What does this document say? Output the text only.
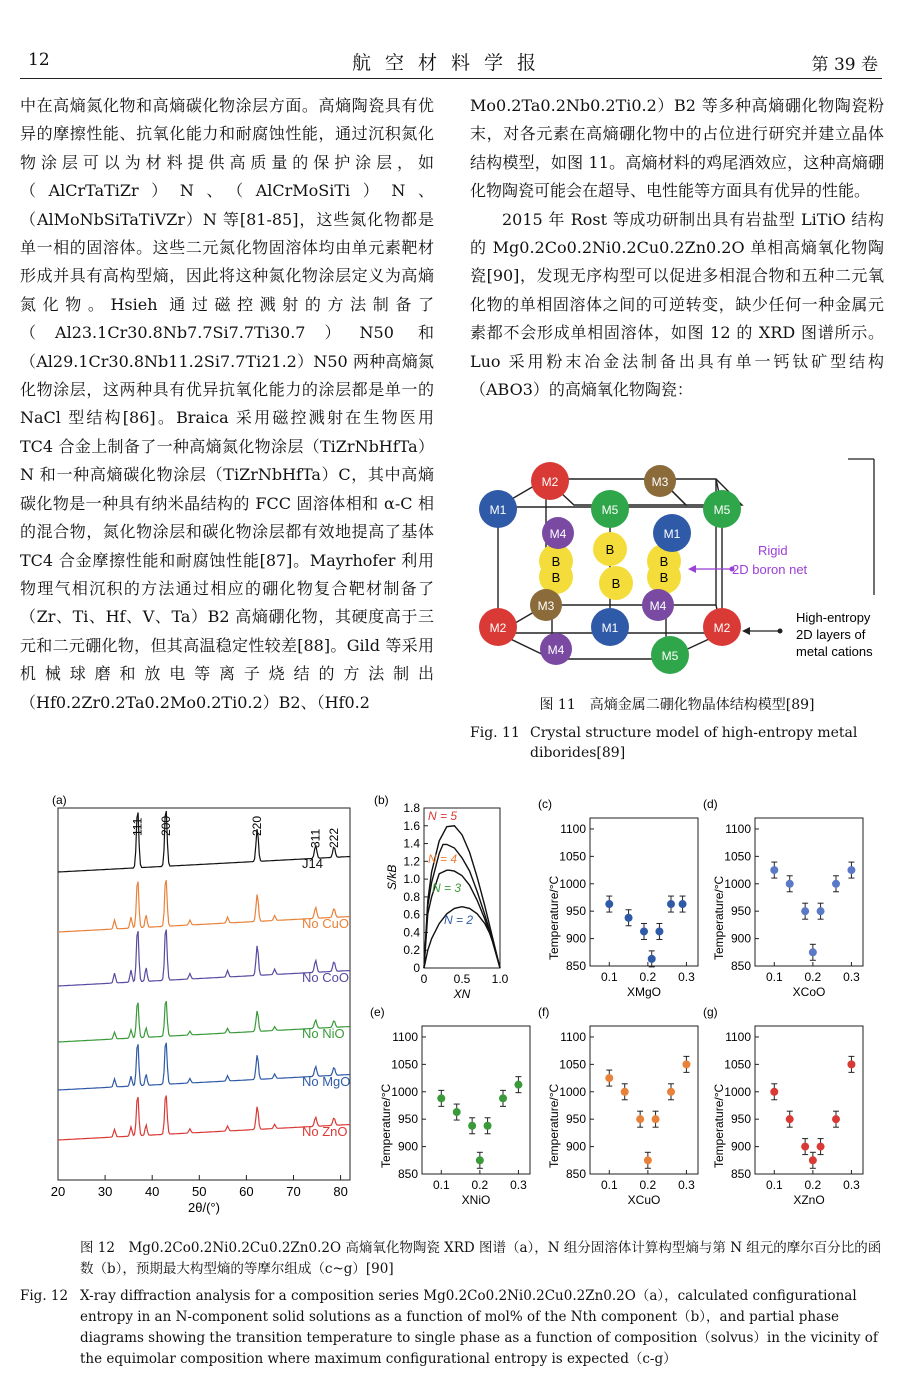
12	航空材料学报	第 39 卷

中在高熵氮化物和高熵碳化物涂层方面。高熵陶瓷具有优异的摩擦性能、抗氧化能力和耐腐蚀性能，通过沉积氮化物涂层可以为材料提供高质量的保护涂层，如（AlCrTaTiZr）N、（AlCrMoSiTi）N、（AlMoNbSiTaTiVZr）N 等[81-85]，这些氮化物都是单一相的固溶体。这些二元氮化物固溶体均由单元素靶材形成并具有高构型熵，因此将这种氮化物涂层定义为高熵氮化物。Hsieh 通过磁控溅射的方法制备了（Al23.1Cr30.8Nb7.7Si7.7Ti30.7）N50 和（Al29.1Cr30.8Nb11.2Si7.7Ti21.2）N50 两种高熵氮化物涂层，这两种具有优异抗氧化能力的涂层都是单一的 NaCl 型结构[86]。Braica 采用磁控溅射在生物医用 TC4 合金上制备了一种高熵氮化物涂层（TiZrNbHfTa）N 和一种高熵碳化物涂层（TiZrNbHfTa）C，其中高熵碳化物是一种具有纳米晶结构的 FCC 固溶体相和 α-C 相的混合物，氮化物涂层和碳化物涂层都有效地提高了基体 TC4 合金摩擦性能和耐腐蚀性能[87]。Mayrhofer 利用物理气相沉积的方法通过相应的硼化物复合靶材制备了（Zr、Ti、Hf、V、Ta）B2 高熵硼化物，其硬度高于三元和二元硼化物，但其高温稳定性较差[88]。Gild 等采用机械球磨和放电等离子烧结的方法制出（Hf0.2Zr0.2Ta0.2Mo0.2Ti0.2）B2、（Hf0.2

Mo0.2Ta0.2Nb0.2Ti0.2）B2 等多种高熵硼化物陶瓷粉末，对各元素在高熵硼化物中的占位进行研究并建立晶体结构模型，如图 11。高熵材料的鸡尾酒效应，这种高熵硼化物陶瓷可能会在超导、电性能等方面具有优异的性能。

2015 年 Rost 等成功研制出具有岩盐型 LiTiO 结构的 Mg0.2Co0.2Ni0.2Cu0.2Zn0.2O 单相高熵氧化物陶瓷[90]，发现无序构型可以促进多相混合物和五种二元氧化物的单相固溶体之间的可逆转变，缺少任何一种金属元素都不会形成单相固溶体，如图 12 的 XRD 图谱所示。Luo 采用粉末冶金法制备出具有单一钙钛矿型结构（ABO3）的高熵氧化物陶瓷：

B
B
B
B
B
B
M2	M3
M1	M5	M5
M4	M1
M3	M4
M2	M1	M2
M4	M5
Rigid
2D boron net
High-entropy
2D layers of
metal cations
图 11　高熵金属二硼化物晶体结构模型[89]
Fig. 11 Crystal structure model of high-entropy metal diborides[89]
(a)
20	30	40	50	60	70	80
2θ/(°)
111 200	220
311 222
J14
No CuO
No CoO
No NiO
No MgO
No ZnO
(b)
0
0.2
0.4
0.6
0.8
1.0
1.2
1.4
1.6
1.8
0 0.5 1.0
S/kB
XN
N = 5
N = 4
N = 3
N = 2
(c)
850
900
950
1000
1050
1100
0.1 0.2 0.3
Temperature/°C
XMgO
(d)
850
900
950
1000
1050
1100
0.1 0.2 0.3
Temperature/°C
XCoO
(e)
850
900
950
1000
1050
1100
0.1 0.2 0.3
Temperature/°C
XNiO
(f)
850
900
950
1000
1050
1100
0.1 0.2 0.3
Temperature/°C
XCuO
(g)
850
900
950
1000
1050
1100
0.1 0.2 0.3
Temperature/°C
XZnO
图 12　Mg0.2Co0.2Ni0.2Cu0.2Zn0.2O 高熵氧化物陶瓷 XRD 图谱（a），N 组分固溶体计算构型熵与第 N 组元的摩尔百分比的函数（b），预期最大构型熵的等摩尔组成（c~g）[90]
Fig. 12 X-ray diffraction analysis for a composition series Mg0.2Co0.2Ni0.2Cu0.2Zn0.2O（a），calculated configurational entropy in an N-component solid solutions as a function of mol% of the Nth component（b），and partial phase diagrams showing the transition temperature to single phase as a function of composition（solvus）in the vicinity of the equimolar composition where maximum configurational entropy is expected（c-g）
